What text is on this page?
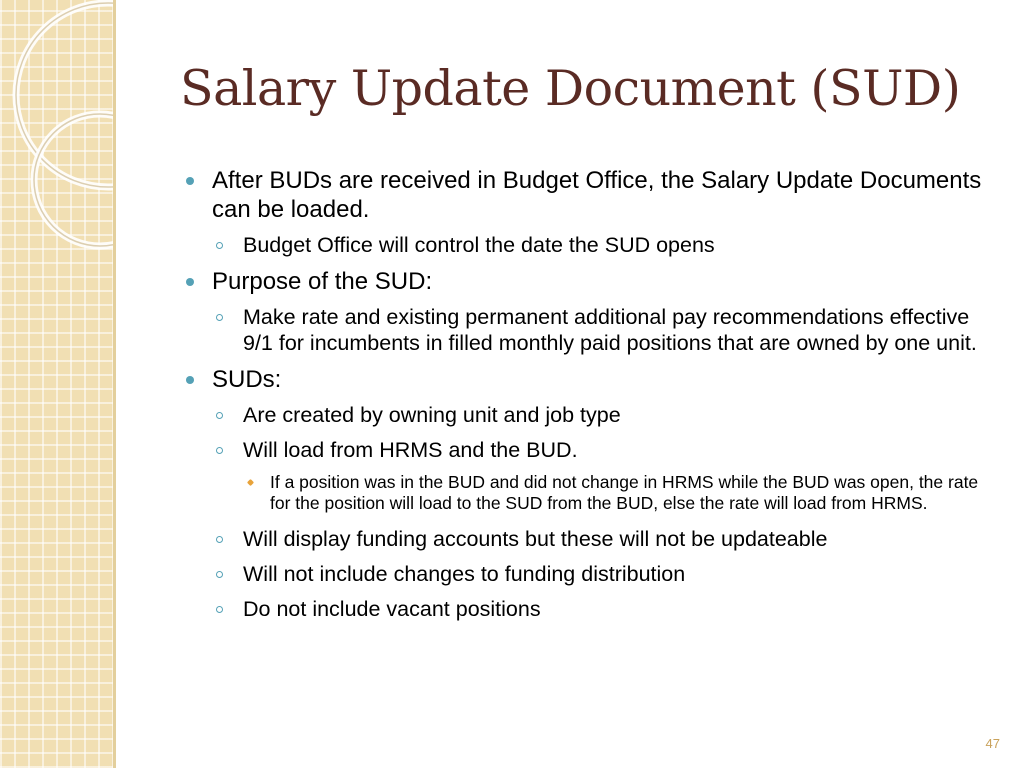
Salary Update Document (SUD)
After BUDs are received in Budget Office, the Salary Update Documents can be loaded.
Budget Office will control the date the SUD opens
Purpose of the SUD:
Make rate and existing permanent additional pay recommendations effective 9/1 for incumbents in filled monthly paid positions that are owned by one unit.
SUDs:
Are created by owning unit and job type
Will load from HRMS and the BUD.
If a position was in the BUD and did not change in HRMS while the BUD was open, the rate for the position will load to the SUD from the BUD, else the rate will load from HRMS.
Will display funding accounts but these will not be updateable
Will not include changes to funding distribution
Do not include vacant positions
47
